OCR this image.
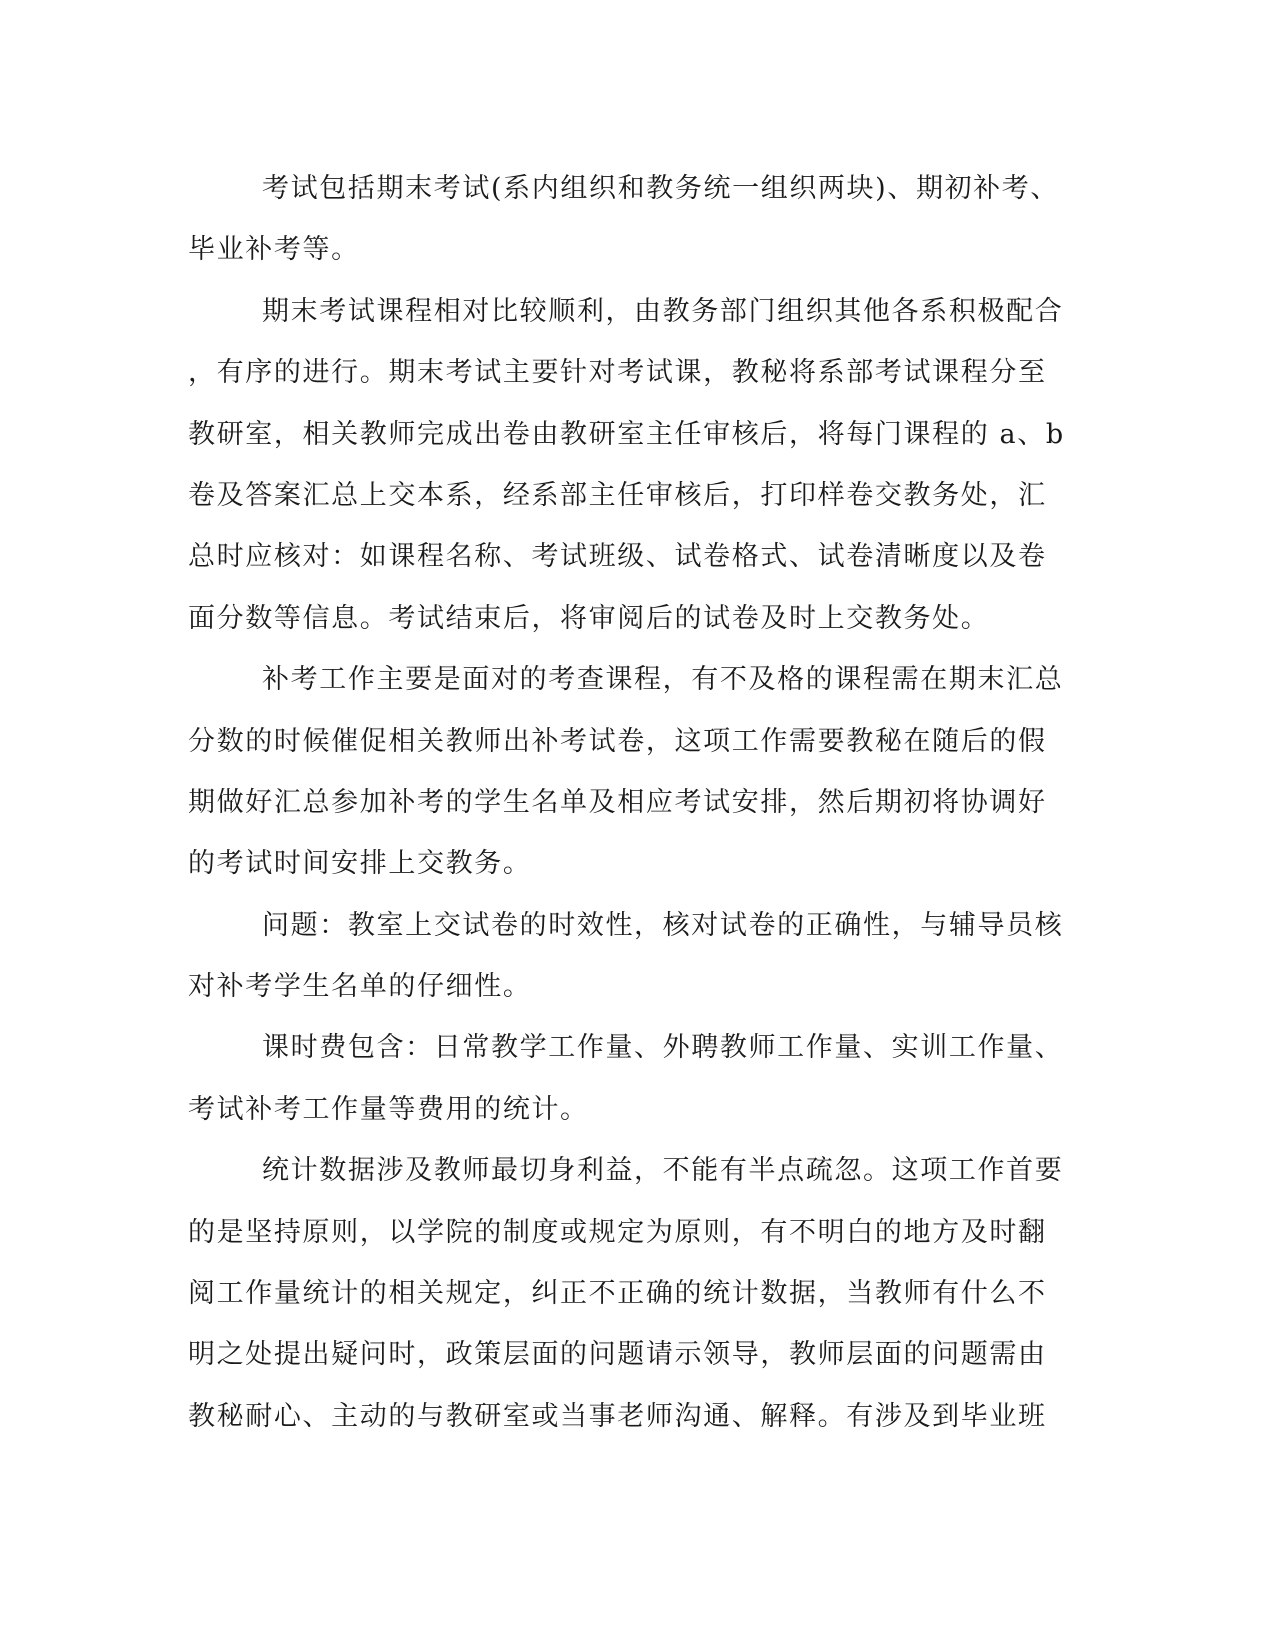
考试包括期末考试(系内组织和教务统一组织两块)、期初补考、
毕业补考等。
期末考试课程相对比较顺利，由教务部门组织其他各系积极配合
，有序的进行。期末考试主要针对考试课，教秘将系部考试课程分至
教研室，相关教师完成出卷由教研室主任审核后，将每门课程的 a、b
卷及答案汇总上交本系，经系部主任审核后，打印样卷交教务处，汇
总时应核对：如课程名称、考试班级、试卷格式、试卷清晰度以及卷
面分数等信息。考试结束后，将审阅后的试卷及时上交教务处。
补考工作主要是面对的考查课程，有不及格的课程需在期末汇总
分数的时候催促相关教师出补考试卷，这项工作需要教秘在随后的假
期做好汇总参加补考的学生名单及相应考试安排，然后期初将协调好
的考试时间安排上交教务。
问题：教室上交试卷的时效性，核对试卷的正确性，与辅导员核
对补考学生名单的仔细性。
课时费包含：日常教学工作量、外聘教师工作量、实训工作量、
考试补考工作量等费用的统计。
统计数据涉及教师最切身利益，不能有半点疏忽。这项工作首要
的是坚持原则，以学院的制度或规定为原则，有不明白的地方及时翻
阅工作量统计的相关规定，纠正不正确的统计数据，当教师有什么不
明之处提出疑问时，政策层面的问题请示领导，教师层面的问题需由
教秘耐心、主动的与教研室或当事老师沟通、解释。有涉及到毕业班
